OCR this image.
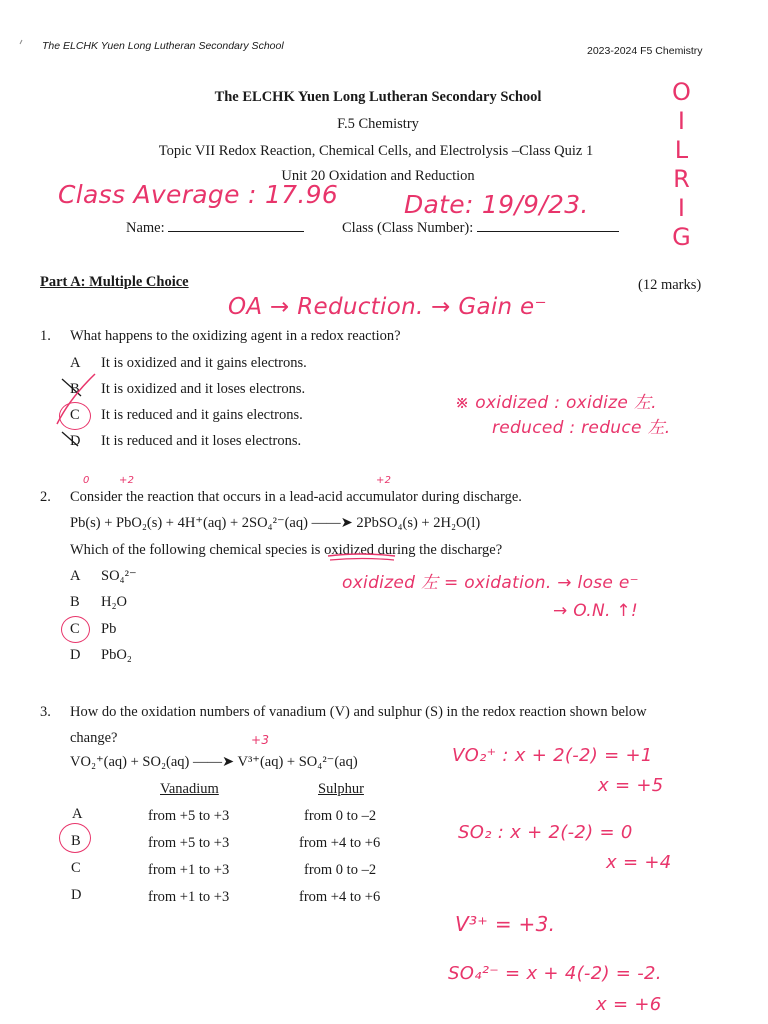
The ELCHK Yuen Long Lutheran Secondary School	2023-2024 F5 Chemistry
The ELCHK Yuen Long Lutheran Secondary School
F.5 Chemistry
Topic VII Redox Reaction, Chemical Cells, and Electrolysis –Class Quiz 1
Unit 20 Oxidation and Reduction
Name:	Class (Class Number):
Class Average : 17.96	Date: 19/9/23.
O
I
L
R
I
G
Part A: Multiple Choice	(12 marks)
OA → Reduction. → Gain e⁻
1. What happens to the oxidizing agent in a redox reaction?
A It is oxidized and it gains electrons.
B It is oxidized and it loses electrons.
C It is reduced and it gains electrons.
D It is reduced and it loses electrons.
※ oxidized : oxidize 左.
reduced : reduce 左.
0	+2	+2
2. Consider the reaction that occurs in a lead-acid accumulator during discharge.
Pb(s) + PbO₂(s) + 4H⁺(aq) + 2SO₄²⁻(aq) ——➤ 2PbSO₄(s) + 2H₂O(l)
Which of the following chemical species is oxidized during the discharge?
A SO₄²⁻
B H₂O
C Pb
D PbO₂
oxidized 左 = oxidation. → lose e⁻
→ O.N. ↑!
3. How do the oxidation numbers of vanadium (V) and sulphur (S) in the redox reaction shown below
change?	+3
VO₂⁺(aq) + SO₂(aq) ——➤ V³⁺(aq) + SO₄²⁻(aq)
Vanadium	Sulphur
A	from +5 to +3	from 0 to –2
B	from +5 to +3	from +4 to +6
C	from +1 to +3	from 0 to –2
D	from +1 to +3	from +4 to +6
VO₂⁺ : x + 2(-2) = +1
x = +5
SO₂ : x + 2(-2) = 0
x = +4
V³⁺ = +3.
SO₄²⁻ = x + 4(-2) = -2.
x = +6
